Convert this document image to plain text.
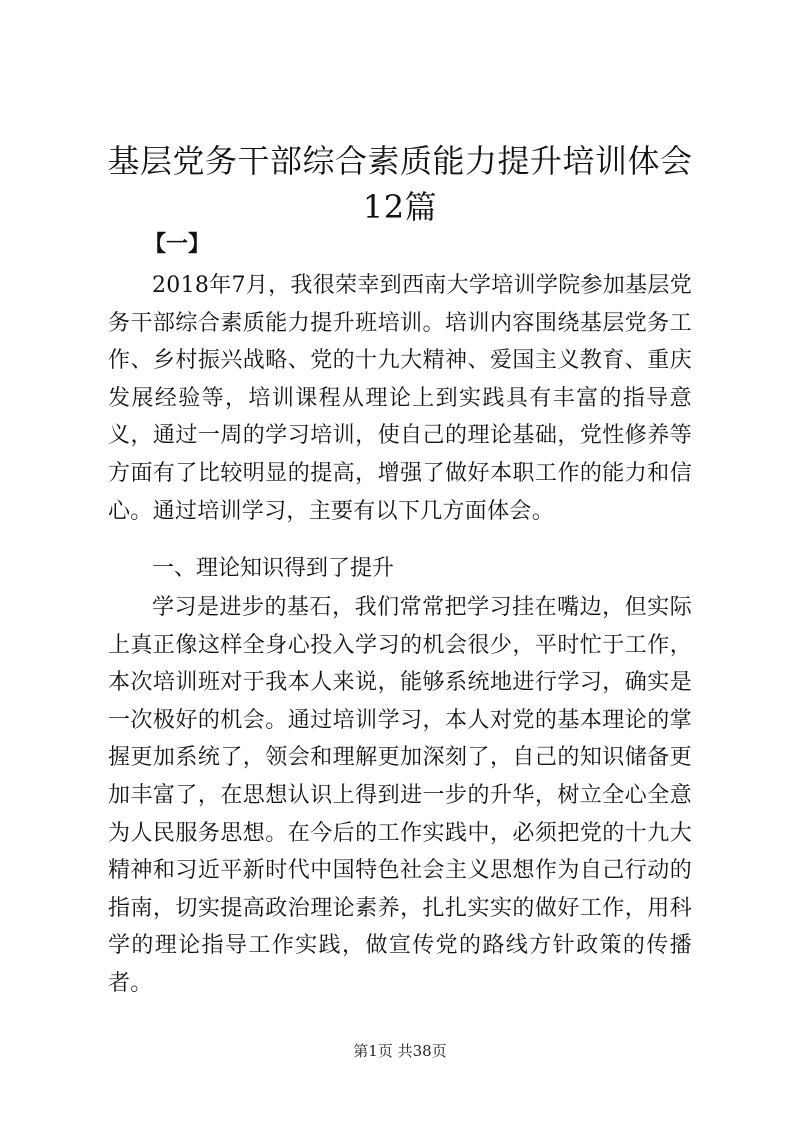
基层党务干部综合素质能力提升培训体会12篇
【一】

2018年7月，我很荣幸到西南大学培训学院参加基层党务干部综合素质能力提升班培训。培训内容围绕基层党务工作、乡村振兴战略、党的十九大精神、爱国主义教育、重庆发展经验等，培训课程从理论上到实践具有丰富的指导意义，通过一周的学习培训，使自己的理论基础，党性修养等方面有了比较明显的提高，增强了做好本职工作的能力和信心。通过培训学习，主要有以下几方面体会。

一、理论知识得到了提升

学习是进步的基石，我们常常把学习挂在嘴边，但实际上真正像这样全身心投入学习的机会很少，平时忙于工作，本次培训班对于我本人来说，能够系统地进行学习，确实是一次极好的机会。通过培训学习，本人对党的基本理论的掌握更加系统了，领会和理解更加深刻了，自己的知识储备更加丰富了，在思想认识上得到进一步的升华，树立全心全意为人民服务思想。在今后的工作实践中，必须把党的十九大精神和习近平新时代中国特色社会主义思想作为自己行动的指南，切实提高政治理论素养，扎扎实实的做好工作，用科学的理论指导工作实践，做宣传党的路线方针政策的传播者。

第1页 共38页
